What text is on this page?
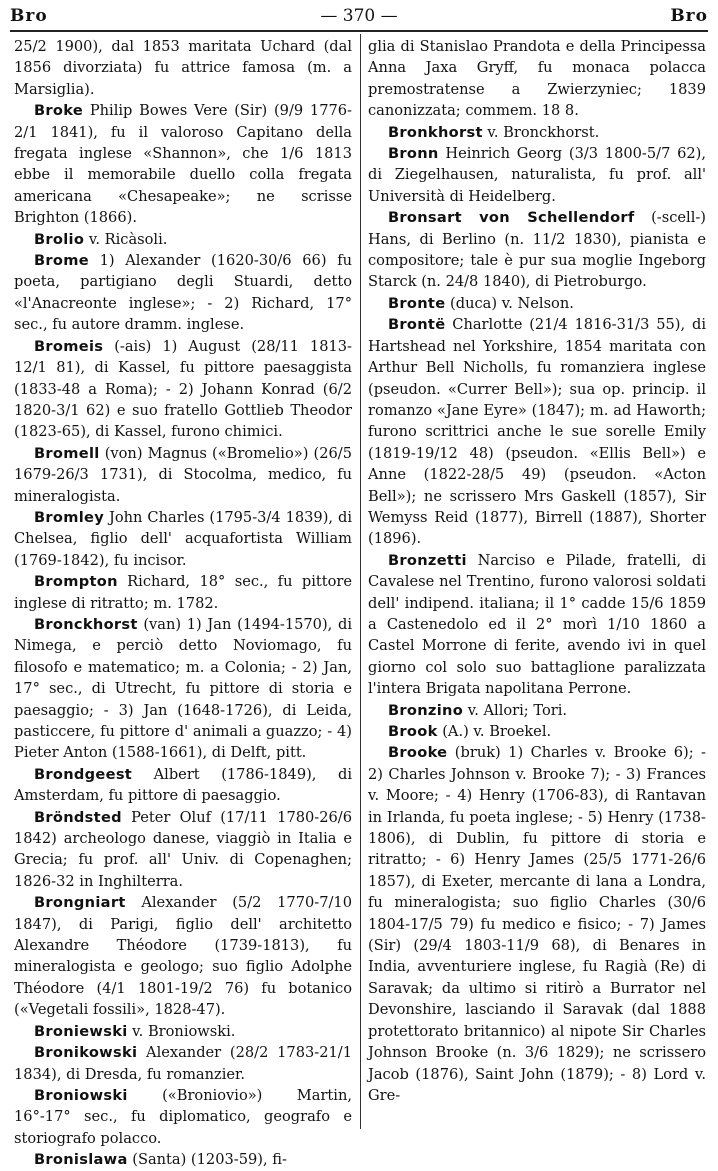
Bro	— 370 —	Bro

25/2 1900), dal 1853 maritata Uchard (dal 1856 divorziata) fu attrice famosa (m. a Marsiglia).

Broke Philip Bowes Vere (Sir) (9/9 1776-2/1 1841), fu il valoroso Capitano della fregata inglese «Shannon», che 1/6 1813 ebbe il memorabile duello colla fregata americana «Chesapeake»; ne scrisse Brighton (1866).

Brolio v. Ricàsoli.

Brome 1) Alexander (1620-30/6 66) fu poeta, partigiano degli Stuardi, detto «l'Anacreonte inglese»; - 2) Richard, 17° sec., fu autore dramm. inglese.

Bromeis (-ais) 1) August (28/11 1813-12/1 81), di Kassel, fu pittore paesaggista (1833-48 a Roma); - 2) Johann Konrad (6/2 1820-3/1 62) e suo fratello Gottlieb Theodor (1823-65), di Kassel, furono chimici.

Bromell (von) Magnus («Bromelio») (26/5 1679-26/3 1731), di Stocolma, medico, fu mineralogista.

Bromley John Charles (1795-3/4 1839), di Chelsea, figlio dell' acquafortista William (1769-1842), fu incisor.

Brompton Richard, 18° sec., fu pittore inglese di ritratto; m. 1782.

Bronckhorst (van) 1) Jan (1494-1570), di Nimega, e perciò detto Noviomago, fu filosofo e matematico; m. a Colonia; - 2) Jan, 17° sec., di Utrecht, fu pittore di storia e paesaggio; - 3) Jan (1648-1726), di Leida, pasticcere, fu pittore d' animali a guazzo; - 4) Pieter Anton (1588-1661), di Delft, pitt.

Brondgeest Albert (1786-1849), di Amsterdam, fu pittore di paesaggio.

Bröndsted Peter Oluf (17/11 1780-26/6 1842) archeologo danese, viaggiò in Italia e Grecia; fu prof. all' Univ. di Copenaghen; 1826-32 in Inghilterra.

Brongniart Alexander (5/2 1770-7/10 1847), di Parigi, figlio dell' architetto Alexandre Théodore (1739-1813), fu mineralogista e geologo; suo figlio Adolphe Théodore (4/1 1801-19/2 76) fu botanico («Vegetali fossili», 1828-47).

Broniewski v. Broniowski.

Bronikowski Alexander (28/2 1783-21/1 1834), di Dresda, fu romanzier.

Broniowski («Broniovio») Martin, 16°-17° sec., fu diplomatico, geografo e storiografo polacco.

Bronislawa (Santa) (1203-59), fi-

glia di Stanislao Prandota e della Principessa Anna Jaxa Gryff, fu monaca polacca premostratense a Zwierzyniec; 1839 canonizzata; commem. 18 8.

Bronkhorst v. Bronckhorst.

Bronn Heinrich Georg (3/3 1800-5/7 62), di Ziegelhausen, naturalista, fu prof. all' Università di Heidelberg.

Bronsart von Schellendorf (-scell-) Hans, di Berlino (n. 11/2 1830), pianista e compositore; tale è pur sua moglie Ingeborg Starck (n. 24/8 1840), di Pietroburgo.

Bronte (duca) v. Nelson.

Brontë Charlotte (21/4 1816-31/3 55), di Hartshead nel Yorkshire, 1854 maritata con Arthur Bell Nicholls, fu romanziera inglese (pseudon. «Currer Bell»); sua op. princip. il romanzo «Jane Eyre» (1847); m. ad Haworth; furono scrittrici anche le sue sorelle Emily (1819-19/12 48) (pseudon. «Ellis Bell») e Anne (1822-28/5 49) (pseudon. «Acton Bell»); ne scrissero Mrs Gaskell (1857), Sir Wemyss Reid (1877), Birrell (1887), Shorter (1896).

Bronzetti Narciso e Pilade, fratelli, di Cavalese nel Trentino, furono valorosi soldati dell' indipend. italiana; il 1° cadde 15/6 1859 a Castenedolo ed il 2° morì 1/10 1860 a Castel Morrone di ferite, avendo ivi in quel giorno col solo suo battaglione paralizzata l'intera Brigata napolitana Perrone.

Bronzino v. Allori; Tori.

Brook (A.) v. Broekel.

Brooke (bruk) 1) Charles v. Brooke 6); - 2) Charles Johnson v. Brooke 7); - 3) Frances v. Moore; - 4) Henry (1706-83), di Rantavan in Irlanda, fu poeta inglese; - 5) Henry (1738-1806), di Dublin, fu pittore di storia e ritratto; - 6) Henry James (25/5 1771-26/6 1857), di Exeter, mercante di lana a Londra, fu mineralogista; suo figlio Charles (30/6 1804-17/5 79) fu medico e fisico; - 7) James (Sir) (29/4 1803-11/9 68), di Benares in India, avventuriere inglese, fu Ragià (Re) di Saravak; da ultimo si ritirò a Burrator nel Devonshire, lasciando il Saravak (dal 1888 protettorato britannico) al nipote Sir Charles Johnson Brooke (n. 3/6 1829); ne scrissero Jacob (1876), Saint John (1879); - 8) Lord v. Gre-
